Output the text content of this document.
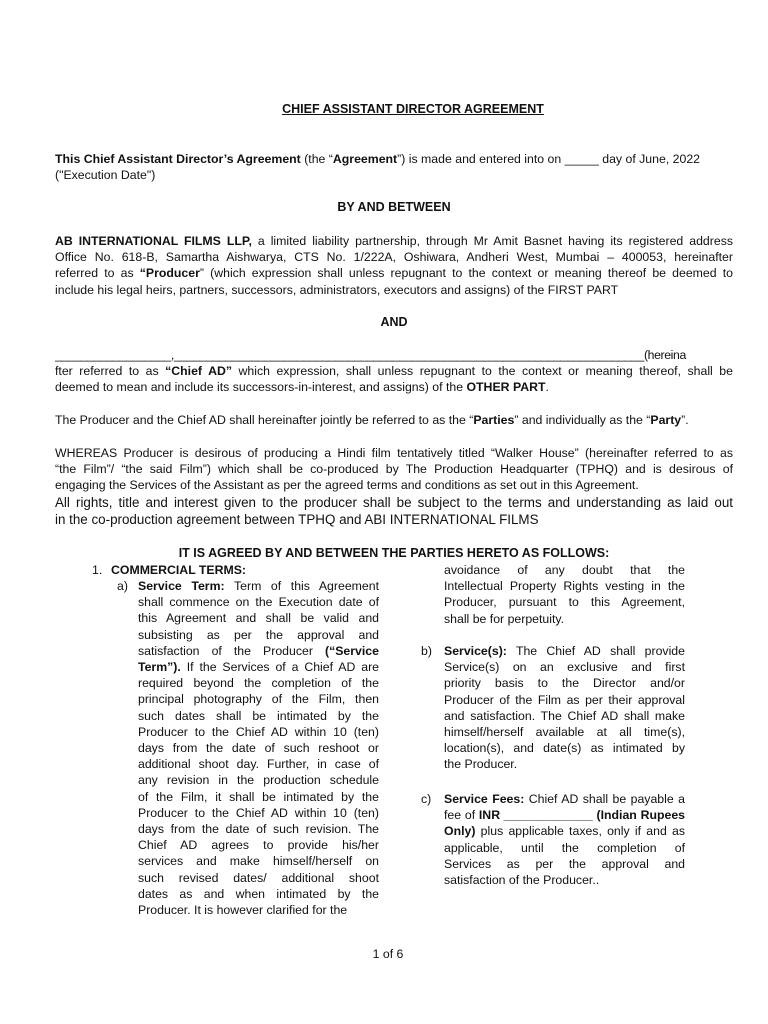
CHIEF ASSISTANT DIRECTOR AGREEMENT
This Chief Assistant Director’s Agreement (the “Agreement”) is made and entered into on _____ day of June, 2022
("Execution Date")
BY AND BETWEEN
AB INTERNATIONAL FILMS LLP, a limited liability partnership, through Mr Amit Basnet having its registered address
Office No. 618-B, Samartha Aishwarya, CTS No. 1/222A, Oshiwara, Andheri West, Mumbai – 400053, hereinafter
referred to as “Producer” (which expression shall unless repugnant to the context or meaning thereof be deemed to
include his legal heirs, partners, successors, administrators, executors and assigns) of the FIRST PART
AND
__________________,_________________________________________________________________________(hereina
fter referred to as “Chief AD” which expression, shall unless repugnant to the context or meaning thereof, shall be
deemed to mean and include its successors-in-interest, and assigns) of the OTHER PART.
The Producer and the Chief AD shall hereinafter jointly be referred to as the “Parties” and individually as the “Party”.
WHEREAS Producer is desirous of producing a Hindi film tentatively titled “Walker House” (hereinafter referred to as
“the Film”/ “the said Film”) which shall be co-produced by The Production Headquarter (TPHQ) and is desirous of
engaging the Services of the Assistant as per the agreed terms and conditions as set out in this Agreement.
All rights, title and interest given to the producer shall be subject to the terms and understanding as laid out
in the co-production agreement between TPHQ and ABI INTERNATIONAL FILMS
IT IS AGREED BY AND BETWEEN THE PARTIES HERETO AS FOLLOWS:
1. COMMERCIAL TERMS:
a) Service Term: Term of this Agreement
shall commence on the Execution date of
this Agreement and shall be valid and
subsisting as per the approval and
satisfaction of the Producer (“Service
Term”). If the Services of a Chief AD are
required beyond the completion of the
principal photography of the Film, then
such dates shall be intimated by the
Producer to the Chief AD within 10 (ten)
days from the date of such reshoot or
additional shoot day. Further, in case of
any revision in the production schedule
of the Film, it shall be intimated by the
Producer to the Chief AD within 10 (ten)
days from the date of such revision. The
Chief AD agrees to provide his/her
services and make himself/herself on
such revised dates/ additional shoot
dates as and when intimated by the
Producer. It is however clarified for the
avoidance of any doubt that the
Intellectual Property Rights vesting in the
Producer, pursuant to this Agreement,
shall be for perpetuity.
b) Service(s): The Chief AD shall provide
Service(s) on an exclusive and first
priority basis to the Director and/or
Producer of the Film as per their approval
and satisfaction. The Chief AD shall make
himself/herself available at all time(s),
location(s), and date(s) as intimated by
the Producer.
c) Service Fees: Chief AD shall be payable a
fee of INR _____________ (Indian Rupees
Only) plus applicable taxes, only if and as
applicable, until the completion of
Services as per the approval and
satisfaction of the Producer..
1 of 6
